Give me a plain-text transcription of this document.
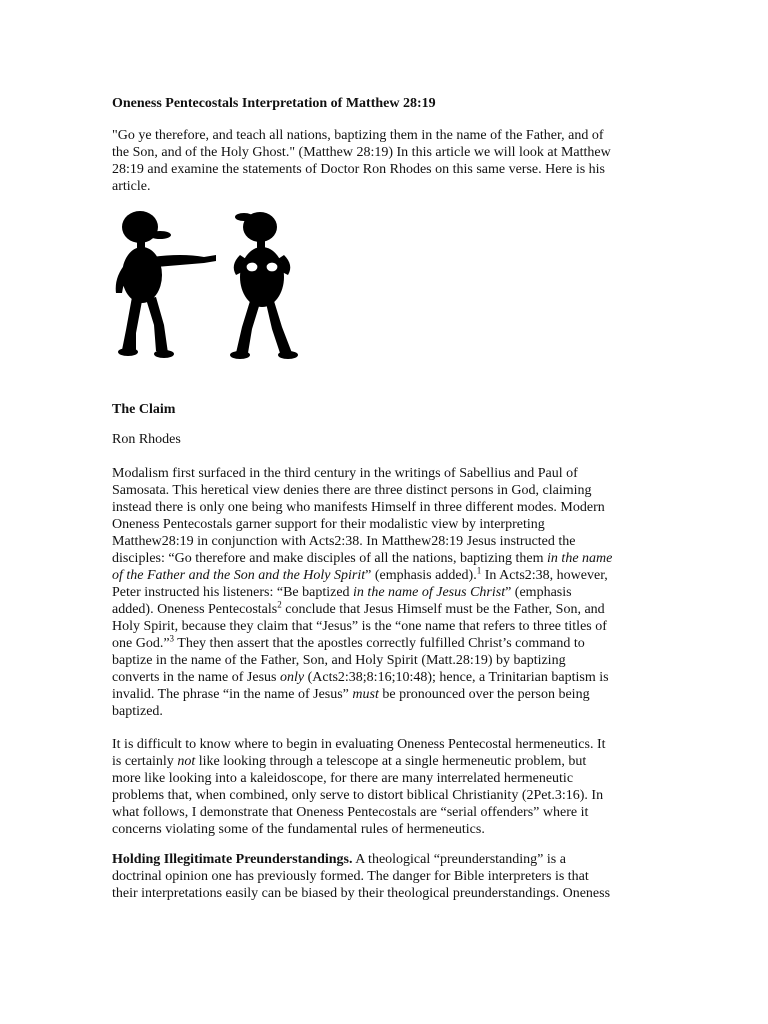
Oneness Pentecostals Interpretation of Matthew 28:19

"Go ye therefore, and teach all nations, baptizing them in the name of the Father, and of
the Son, and of the Holy Ghost." (Matthew 28:19) In this article we will look at Matthew
28:19 and examine the statements of Doctor Ron Rhodes on this same verse. Here is his
article.

The Claim
Ron Rhodes

Modalism first surfaced in the third century in the writings of Sabellius and Paul of
Samosata. This heretical view denies there are three distinct persons in God, claiming
instead there is only one being who manifests Himself in three different modes. Modern
Oneness Pentecostals garner support for their modalistic view by interpreting
Matthew28:19 in conjunction with Acts2:38. In Matthew28:19 Jesus instructed the
disciples: “Go therefore and make disciples of all the nations, baptizing them in the name
of the Father and the Son and the Holy Spirit” (emphasis added).$^1$ In Acts2:38, however,
Peter instructed his listeners: “Be baptized in the name of Jesus Christ” (emphasis
added). Oneness Pentecostals$^2$ conclude that Jesus Himself must be the Father, Son, and
Holy Spirit, because they claim that “Jesus” is the “one name that refers to three titles of
one God.”$^3$ They then assert that the apostles correctly fulfilled Christ’s command to
baptize in the name of the Father, Son, and Holy Spirit (Matt.28:19) by baptizing
converts in the name of Jesus only (Acts2:38;8:16;10:48); hence, a Trinitarian baptism is
invalid. The phrase “in the name of Jesus” must be pronounced over the person being
baptized.

It is difficult to know where to begin in evaluating Oneness Pentecostal hermeneutics. It
is certainly not like looking through a telescope at a single hermeneutic problem, but
more like looking into a kaleidoscope, for there are many interrelated hermeneutic
problems that, when combined, only serve to distort biblical Christianity (2Pet.3:16). In
what follows, I demonstrate that Oneness Pentecostals are “serial offenders” where it
concerns violating some of the fundamental rules of hermeneutics.

Holding Illegitimate Preunderstandings. A theological “preunderstanding” is a
doctrinal opinion one has previously formed. The danger for Bible interpreters is that
their interpretations easily can be biased by their theological preunderstandings. Oneness
